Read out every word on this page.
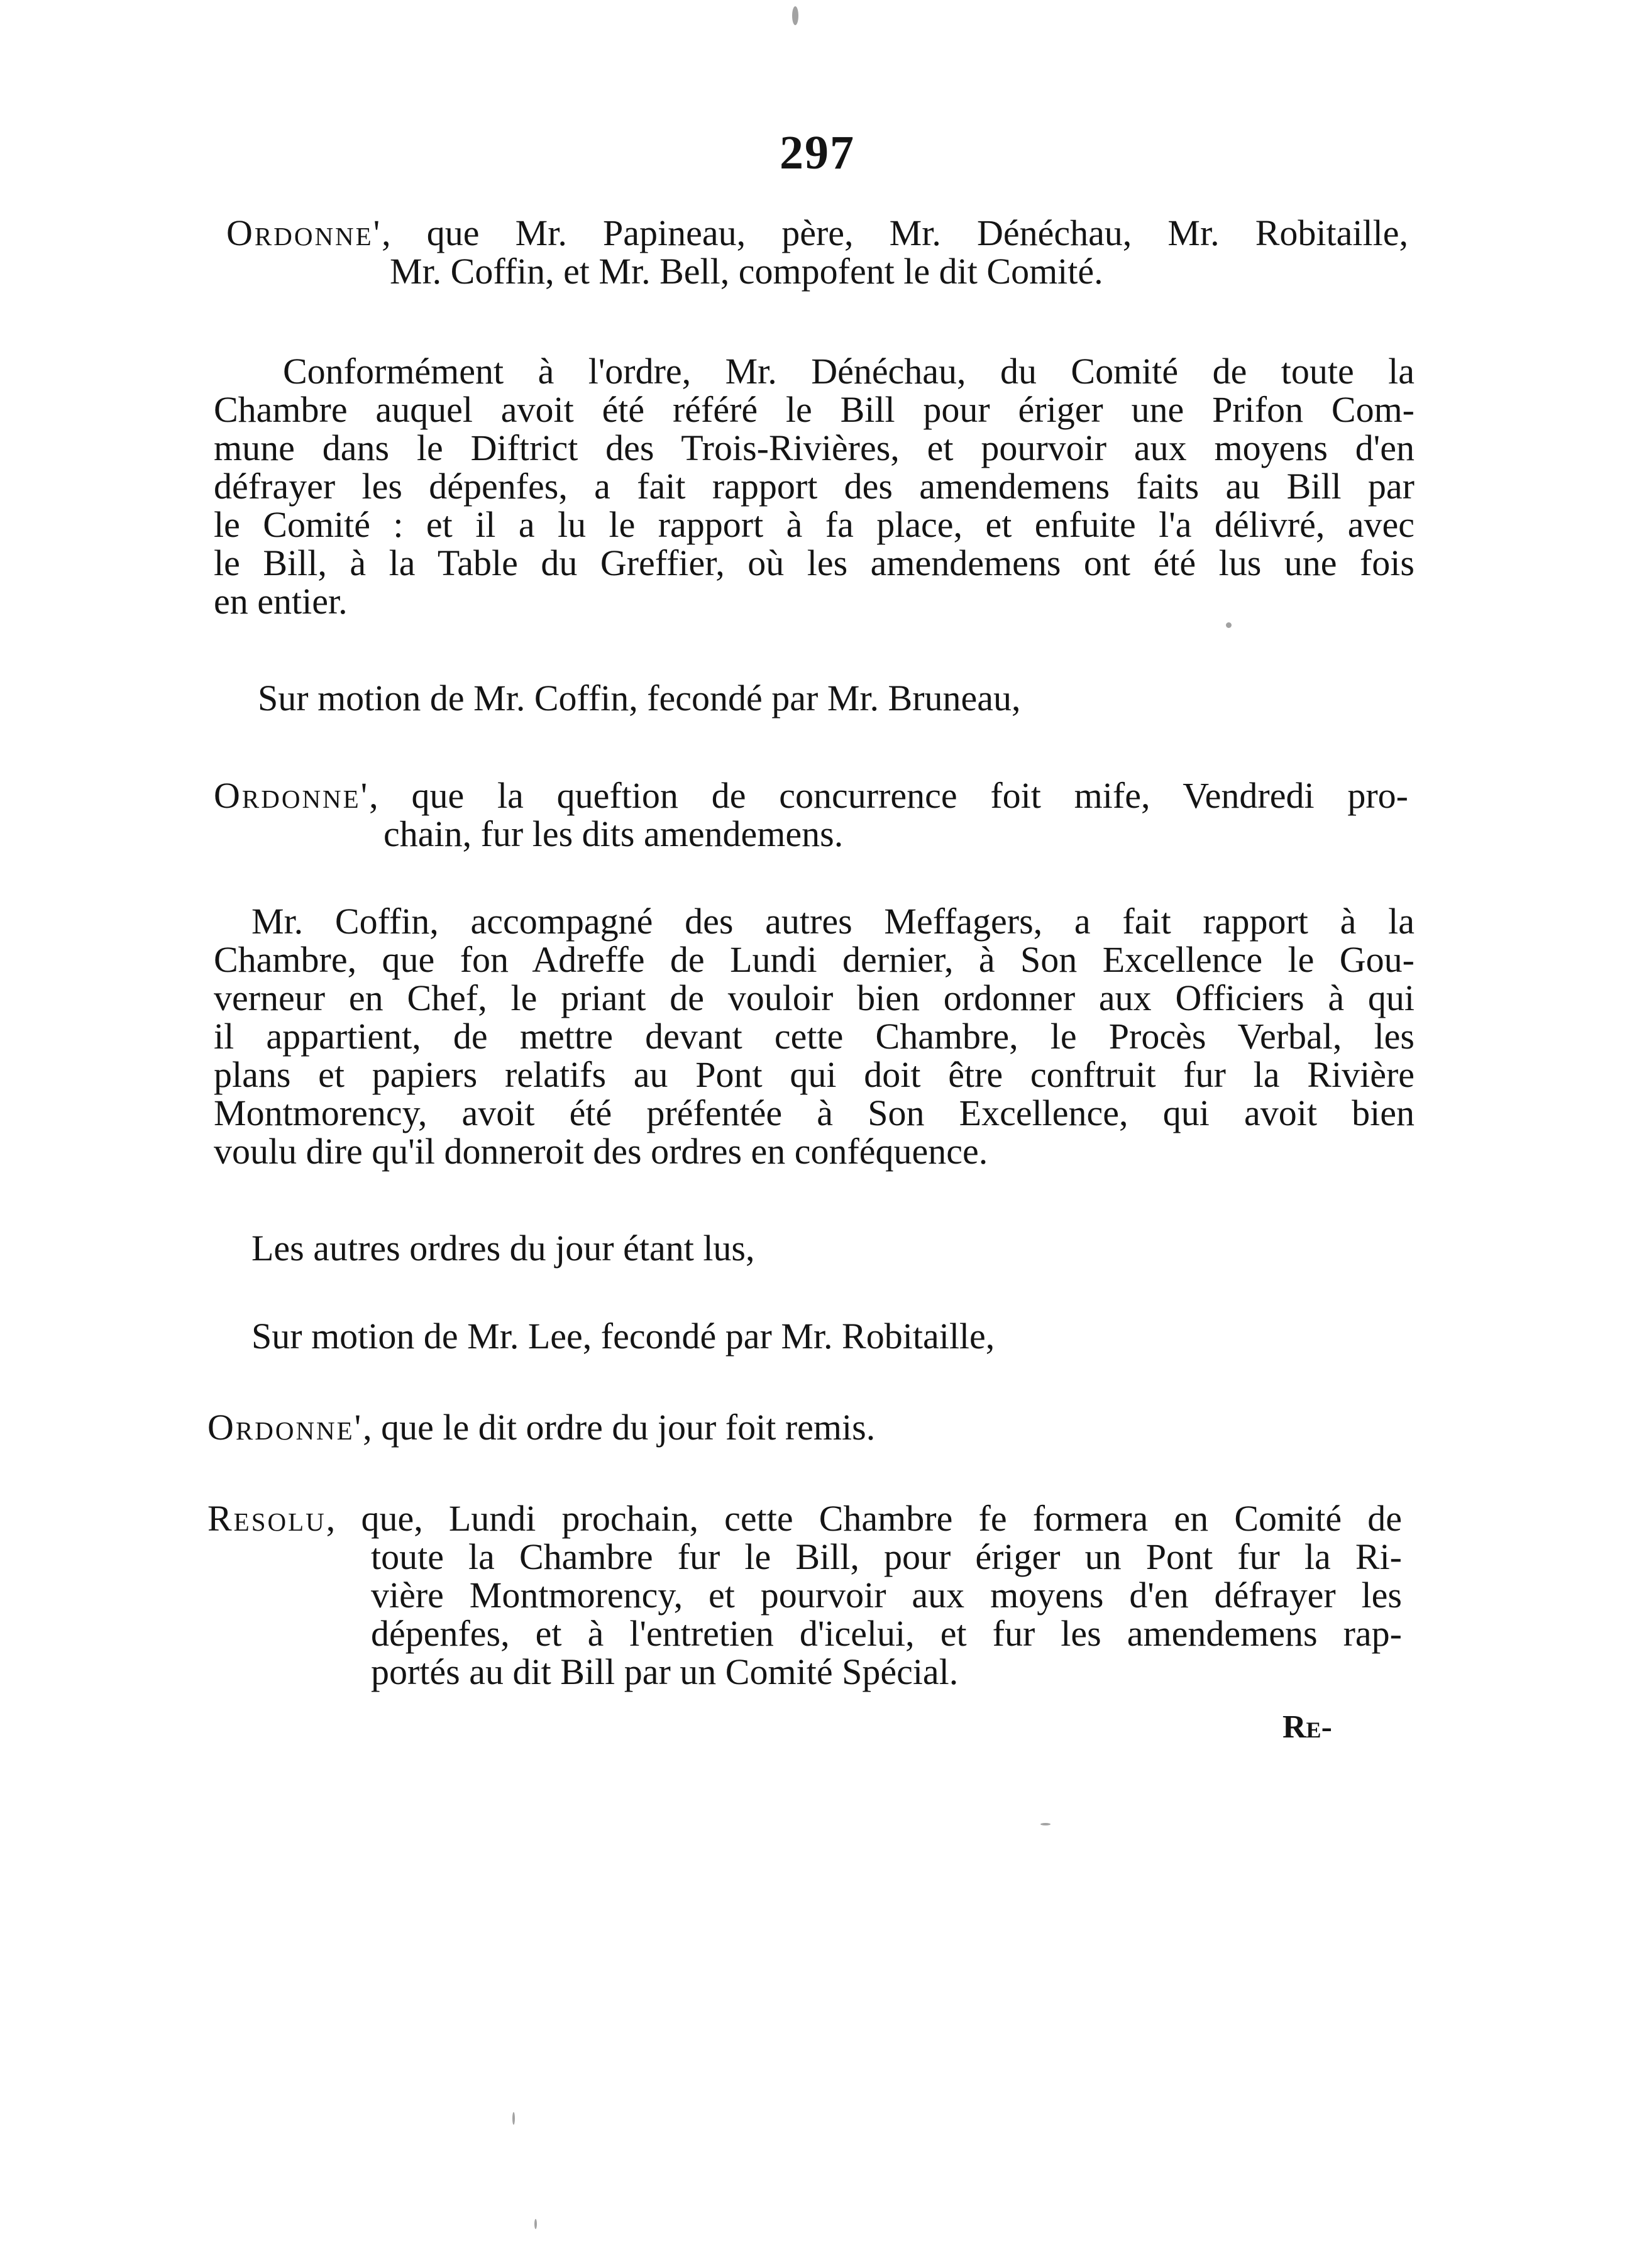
297
Ordonne', que Mr. Papineau, père, Mr. Dénéchau, Mr. Robitaille,
Mr. Coffin, et Mr. Bell, compofent le dit Comité.
Conformément à l'ordre, Mr. Dénéchau, du Comité de toute la
Chambre auquel avoit été référé le Bill pour ériger une Prifon Com-
mune dans le Diftrict des Trois-Rivières, et pourvoir aux moyens d'en
défrayer les dépenfes, a fait rapport des amendemens faits au Bill par
le Comité : et il a lu le rapport à fa place, et enfuite l'a délivré, avec
le Bill, à la Table du Greffier, où les amendemens ont été lus une fois
en entier.
Sur motion de Mr. Coffin, fecondé par Mr. Bruneau,
Ordonne', que la queftion de concurrence foit mife, Vendredi pro-
chain, fur les dits amendemens.
Mr. Coffin, accompagné des autres Meffagers, a fait rapport à la
Chambre, que fon Adreffe de Lundi dernier, à Son Excellence le Gou-
verneur en Chef, le priant de vouloir bien ordonner aux Officiers à qui
il appartient, de mettre devant cette Chambre, le Procès Verbal, les
plans et papiers relatifs au Pont qui doit être conftruit fur la Rivière
Montmorency, avoit été préfentée à Son Excellence, qui avoit bien
voulu dire qu'il donneroit des ordres en conféquence.
Les autres ordres du jour étant lus,
Sur motion de Mr. Lee, fecondé par Mr. Robitaille,
Ordonne', que le dit ordre du jour foit remis.
Resolu, que, Lundi prochain, cette Chambre fe formera en Comité de
toute la Chambre fur le Bill, pour ériger un Pont fur la Ri-
vière Montmorency, et pourvoir aux moyens d'en défrayer les
dépenfes, et à l'entretien d'icelui, et fur les amendemens rap-
portés au dit Bill par un Comité Spécial.
Re-
